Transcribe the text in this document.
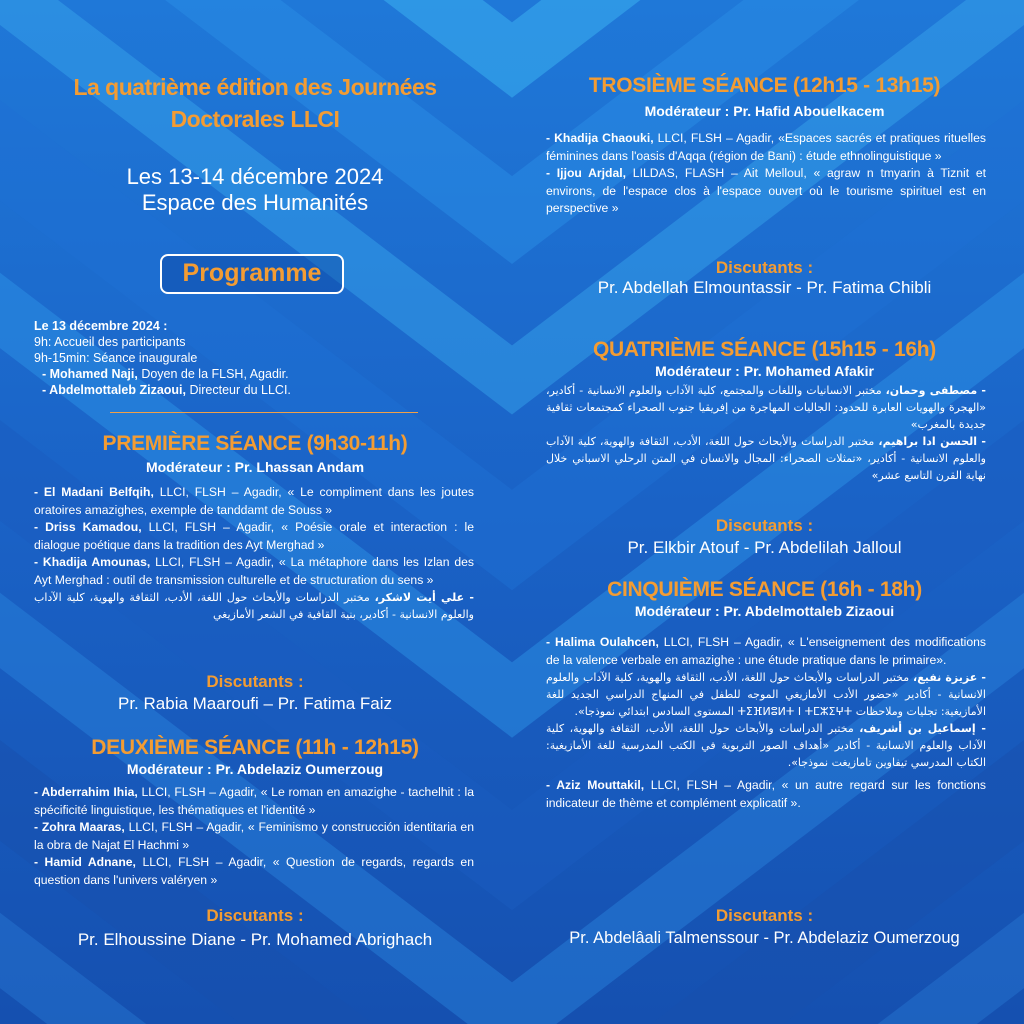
La quatrième édition des Journées
Doctorales LLCI
Les 13-14 décembre 2024
Espace des Humanités
Programme
Le 13 décembre 2024 :
9h: Accueil des participants
9h-15min: Séance inaugurale
- Mohamed Naji, Doyen de la FLSH, Agadir.
- Abdelmottaleb Zizaoui, Directeur du LLCI.
PREMIÈRE SÉANCE (9h30-11h)
Modérateur : Pr. Lhassan Andam

- El Madani Belfqih, LLCI, FLSH – Agadir, « Le compliment dans les joutes oratoires amazighes, exemple de tanddamt de Souss »

- Driss Kamadou, LLCI, FLSH – Agadir, « Poésie orale et interaction : le dialogue poétique dans la tradition des Ayt Merghad »

- Khadija Amounas, LLCI, FLSH – Agadir, « La métaphore dans les Izlan des Ayt Merghad : outil de transmission culturelle et de structuration du sens »

- علي أيت لاشكر، مختبر الدراسات والأبحاث حول اللغة، الأدب، الثقافة والهوية، كلية الآداب والعلوم الانسانية - أكادير، بنية القافية في الشعر الأمازيغي

Discutants :
Pr. Rabia Maaroufi – Pr. Fatima Faiz
DEUXIÈME SÉANCE (11h - 12h15)
Modérateur : Pr. Abdelaziz Oumerzoug

- Abderrahim Ihia, LLCI, FLSH – Agadir, « Le roman en amazighe - tachelhit : la spécificité linguistique, les thématiques et l'identité »

- Zohra Maaras, LLCI, FLSH – Agadir, « Feminismo y construcción identitaria en la obra de Najat El Hachmi »

- Hamid Adnane, LLCI, FLSH – Agadir, « Question de regards, regards en question dans l'univers valéryen »

Discutants :
Pr. Elhoussine Diane - Pr. Mohamed Abrighach
TROSIÈME SÉANCE (12h15 - 13h15)
Modérateur : Pr. Hafid Abouelkacem

- Khadija Chaouki, LLCI, FLSH – Agadir, «Espaces sacrés et pratiques rituelles féminines dans l'oasis d'Aqqa (région de Bani) : étude ethnolinguistique »

- Ijjou Arjdal, LILDAS, FLASH – Ait Melloul, « agraw n tmyarin à Tiznit et environs, de l'espace clos à l'espace ouvert où le tourisme spirituel est en perspective »

Discutants :
Pr. Abdellah Elmountassir - Pr. Fatima Chibli
QUATRIÈME SÉANCE (15h15 - 16h)
Modérateur : Pr. Mohamed Afakir

- مصطفى وحمان، مختبر الانسانيات واللغات والمجتمع، كلية الآداب والعلوم الانسانية - أكادير، «الهجرة والهويات العابرة للحدود: الجاليات المهاجرة من إفريقيا جنوب الصحراء كمجتمعات ثقافية جديدة بالمغرب»

- الحسن ادا براهيم، مختبر الدراسات والأبحاث حول اللغة، الأدب، الثقافة والهوية، كلية الآداب والعلوم الانسانية - أكادير، «تمثلات الصحراء: المجال والانسان في المتن الرحلي الاسباني خلال نهاية القرن التاسع عشر»

Discutants :
Pr. Elkbir Atouf - Pr. Abdelilah Jalloul
CINQUIÈME SÉANCE (16h - 18h)
Modérateur : Pr. Abdelmottaleb Zizaoui

- Halima Oulahcen, LLCI, FLSH – Agadir, « L'enseignement des modifications de la valence verbale en amazighe : une étude pratique dans le primaire».

- عزيزة نفيع، مختبر الدراسات والأبحاث حول اللغة، الأدب، الثقافة والهوية، كلية الآداب والعلوم الانسانية - أكادير «حضور الأدب الأمازيغي الموجه للطفل في المنهاج الدراسي الجديد للغة الأمازيغية: تجليات وملاحظات ⵜⵉⴼⵍⵓⵍⵜ ⵏ ⵜⵎⵣⵉⵖⵜ المستوى السادس ابتدائي نموذجا».

- إسماعيل بن أشريف، مختبر الدراسات والأبحاث حول اللغة، الأدب، الثقافة والهوية، كلية الآداب والعلوم الانسانية - أكادير «أهداف الصور التربوية في الكتب المدرسية للغة الأمازيغية: الكتاب المدرسي تيفاوين تامازيغت نموذجا».

- Aziz Mouttakil, LLCI, FLSH – Agadir, « un autre regard sur les fonctions indicateur de thème et complément explicatif ».

Discutants :
Pr. Abdelâali Talmenssour - Pr. Abdelaziz Oumerzoug
